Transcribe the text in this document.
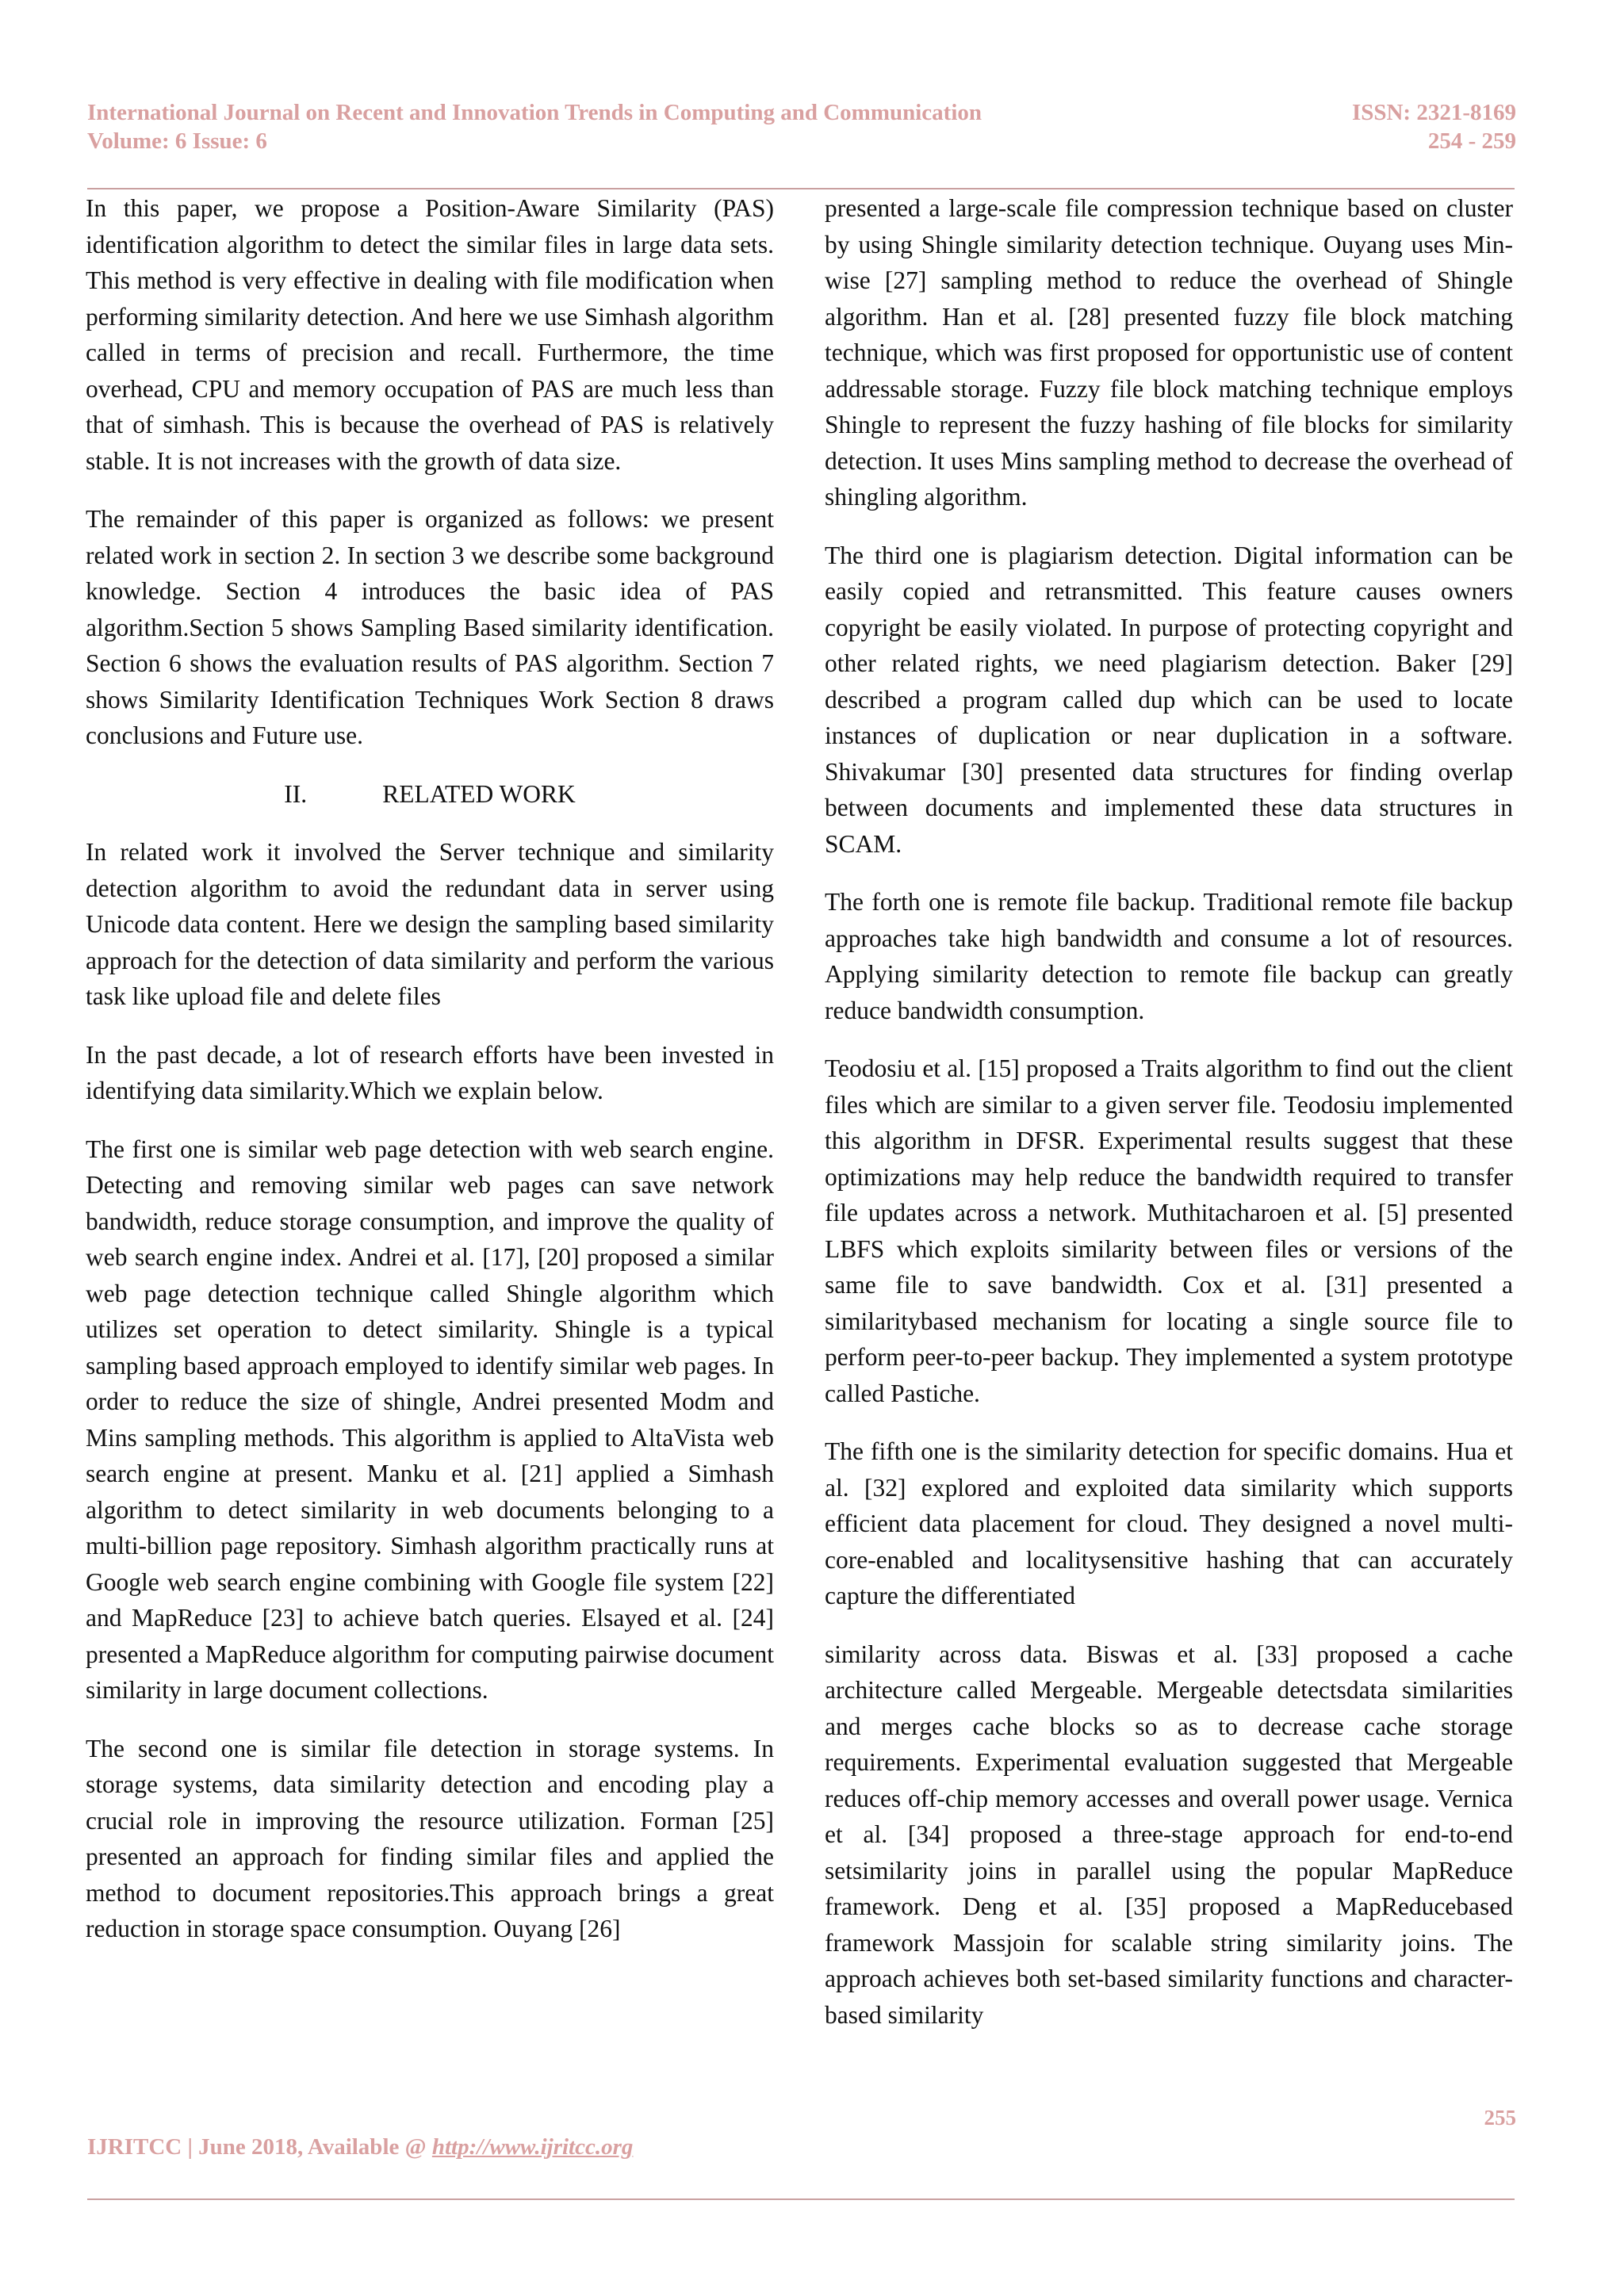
International Journal on Recent and Innovation Trends in Computing and Communication
Volume: 6 Issue: 6
ISSN: 2321-8169
254 - 259

In this paper, we propose a Position-Aware Similarity (PAS) identification algorithm to detect the similar files in large data sets. This method is very effective in dealing with file modification when performing similarity detection. And here we use Simhash algorithm called in terms of precision and recall. Furthermore, the time overhead, CPU and memory occupation of PAS are much less than that of simhash. This is because the overhead of PAS is relatively stable. It is not increases with the growth of data size.

The remainder of this paper is organized as follows: we present related work in section 2. In section 3 we describe some background knowledge. Section 4 introduces the basic idea of PAS algorithm.Section 5 shows Sampling Based similarity identification. Section 6 shows the evaluation results of PAS algorithm. Section 7 shows Similarity Identification Techniques Work Section 8 draws conclusions and Future use.

II.	RELATED WORK

In related work it involved the Server technique and similarity detection algorithm to avoid the redundant data in server using Unicode data content. Here we design the sampling based similarity approach for the detection of data similarity and perform the various task like upload file and delete files

In the past decade, a lot of research efforts have been invested in identifying data similarity.Which we explain below.

The first one is similar web page detection with web search engine. Detecting and removing similar web pages can save network bandwidth, reduce storage consumption, and improve the quality of web search engine index. Andrei et al. [17], [20] proposed a similar web page detection technique called Shingle algorithm which utilizes set operation to detect similarity. Shingle is a typical sampling based approach employed to identify similar web pages. In order to reduce the size of shingle, Andrei presented Modm and Mins sampling methods. This algorithm is applied to AltaVista web search engine at present. Manku et al. [21] applied a Simhash algorithm to detect similarity in web documents belonging to a multi-billion page repository. Simhash algorithm practically runs at Google web search engine combining with Google file system [22] and MapReduce [23] to achieve batch queries. Elsayed et al. [24] presented a MapReduce algorithm for computing pairwise document similarity in large document collections.

The second one is similar file detection in storage systems. In storage systems, data similarity detection and encoding play a crucial role in improving the resource utilization. Forman [25] presented an approach for finding similar files and applied the method to document repositories.This approach brings a great reduction in storage space consumption. Ouyang [26]

presented a large-scale file compression technique based on cluster by using Shingle similarity detection technique. Ouyang uses Min-wise [27] sampling method to reduce the overhead of Shingle algorithm. Han et al. [28] presented fuzzy file block matching technique, which was first proposed for opportunistic use of content addressable storage. Fuzzy file block matching technique employs Shingle to represent the fuzzy hashing of file blocks for similarity detection. It uses Mins sampling method to decrease the overhead of shingling algorithm.

The third one is plagiarism detection. Digital information can be easily copied and retransmitted. This feature causes owners copyright be easily violated. In purpose of protecting copyright and other related rights, we need plagiarism detection. Baker [29] described a program called dup which can be used to locate instances of duplication or near duplication in a software. Shivakumar [30] presented data structures for finding overlap between documents and implemented these data structures in SCAM.

The forth one is remote file backup. Traditional remote file backup approaches take high bandwidth and consume a lot of resources. Applying similarity detection to remote file backup can greatly reduce bandwidth consumption.

Teodosiu et al. [15] proposed a Traits algorithm to find out the client files which are similar to a given server file. Teodosiu implemented this algorithm in DFSR. Experimental results suggest that these optimizations may help reduce the bandwidth required to transfer file updates across a network. Muthitacharoen et al. [5] presented LBFS which exploits similarity between files or versions of the same file to save bandwidth. Cox et al. [31] presented a similaritybased mechanism for locating a single source file to perform peer-to-peer backup. They implemented a system prototype called Pastiche.

The fifth one is the similarity detection for specific domains. Hua et al. [32] explored and exploited data similarity which supports efficient data placement for cloud. They designed a novel multi-core-enabled and localitysensitive hashing that can accurately capture the differentiated

similarity across data. Biswas et al. [33] proposed a cache architecture called Mergeable. Mergeable detectsdata similarities and merges cache blocks so as to decrease cache storage requirements. Experimental evaluation suggested that Mergeable reduces off-chip memory accesses and overall power usage. Vernica et al. [34] proposed a three-stage approach for end-to-end setsimilarity joins in parallel using the popular MapReduce framework. Deng et al. [35] proposed a MapReducebased framework Massjoin for scalable string similarity joins. The approach achieves both set-based similarity functions and character-based similarity

255
IJRITCC | June 2018, Available @ http://www.ijritcc.org
